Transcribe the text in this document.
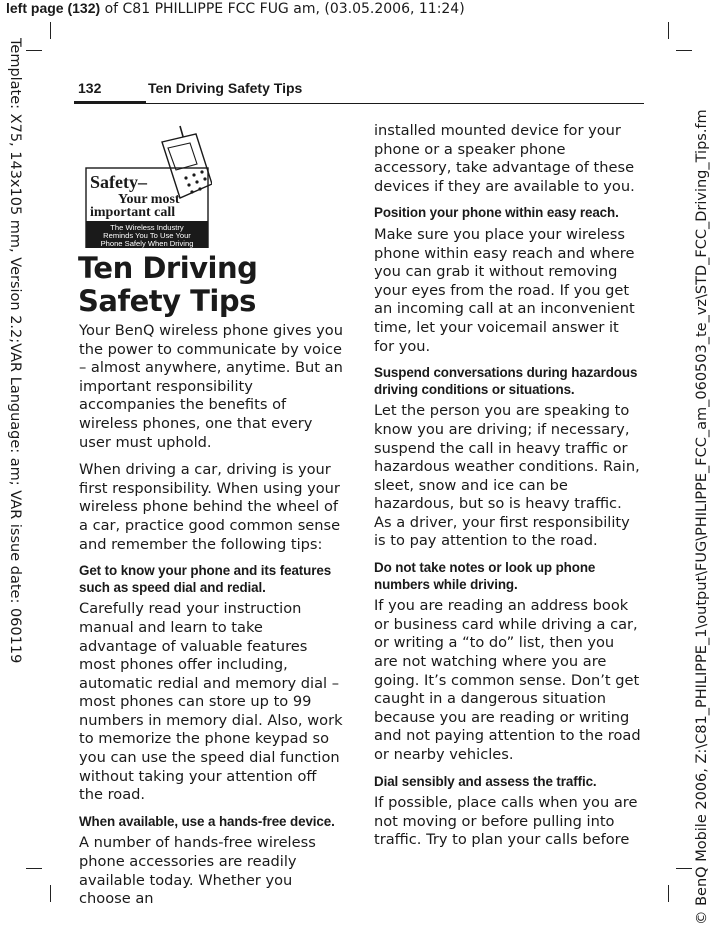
left page (132) of C81 PHILLIPPE FCC FUG am, (03.05.2006, 11:24)
Template: X75, 143x105 mm, Version 2.2;VAR Language: am; VAR issue date: 060119	© BenQ Mobile 2006, Z:\C81_PHILIPPE_1\output\FUG\PHILIPPE_FCC_am_060503_te_vz\STD_FCC_Driving_Tips.fm
132	Ten Driving Safety Tips
Safety–
Your most
important call
The Wireless Industry
Reminds You To Use Your
Phone Safely When Driving
Ten Driving Safety Tips

Your BenQ wireless phone gives you the power to communicate by voice – almost anywhere, anytime. But an important responsibility accompanies the benefits of wireless phones, one that every user must uphold.

When driving a car, driving is your first responsibility. When using your wireless phone behind the wheel of a car, practice good common sense and remember the following tips:

Get to know your phone and its features such as speed dial and redial.

Carefully read your instruction manual and learn to take advantage of valuable features most phones offer including, automatic redial and memory dial – most phones can store up to 99 numbers in memory dial. Also, work to memorize the phone keypad so you can use the speed dial function without taking your attention off the road.

When available, use a hands-free device.

A number of hands-free wireless phone accessories are readily available today. Whether you choose an

installed mounted device for your phone or a speaker phone accessory, take advantage of these devices if they are available to you.

Position your phone within easy reach.

Make sure you place your wireless phone within easy reach and where you can grab it without removing your eyes from the road. If you get an incoming call at an inconvenient time, let your voicemail answer it for you.

Suspend conversations during hazardous driving conditions or situations.

Let the person you are speaking to know you are driving; if necessary, suspend the call in heavy traffic or hazardous weather conditions. Rain, sleet, snow and ice can be hazardous, but so is heavy traffic. As a driver, your first responsibility is to pay attention to the road.

Do not take notes or look up phone numbers while driving.

If you are reading an address book or business card while driving a car, or writing a “to do” list, then you are not watching where you are going. It’s common sense. Don’t get caught in a dangerous situation because you are reading or writing and not paying attention to the road or nearby vehicles.

Dial sensibly and assess the traffic.

If possible, place calls when you are not moving or before pulling into traffic. Try to plan your calls before
